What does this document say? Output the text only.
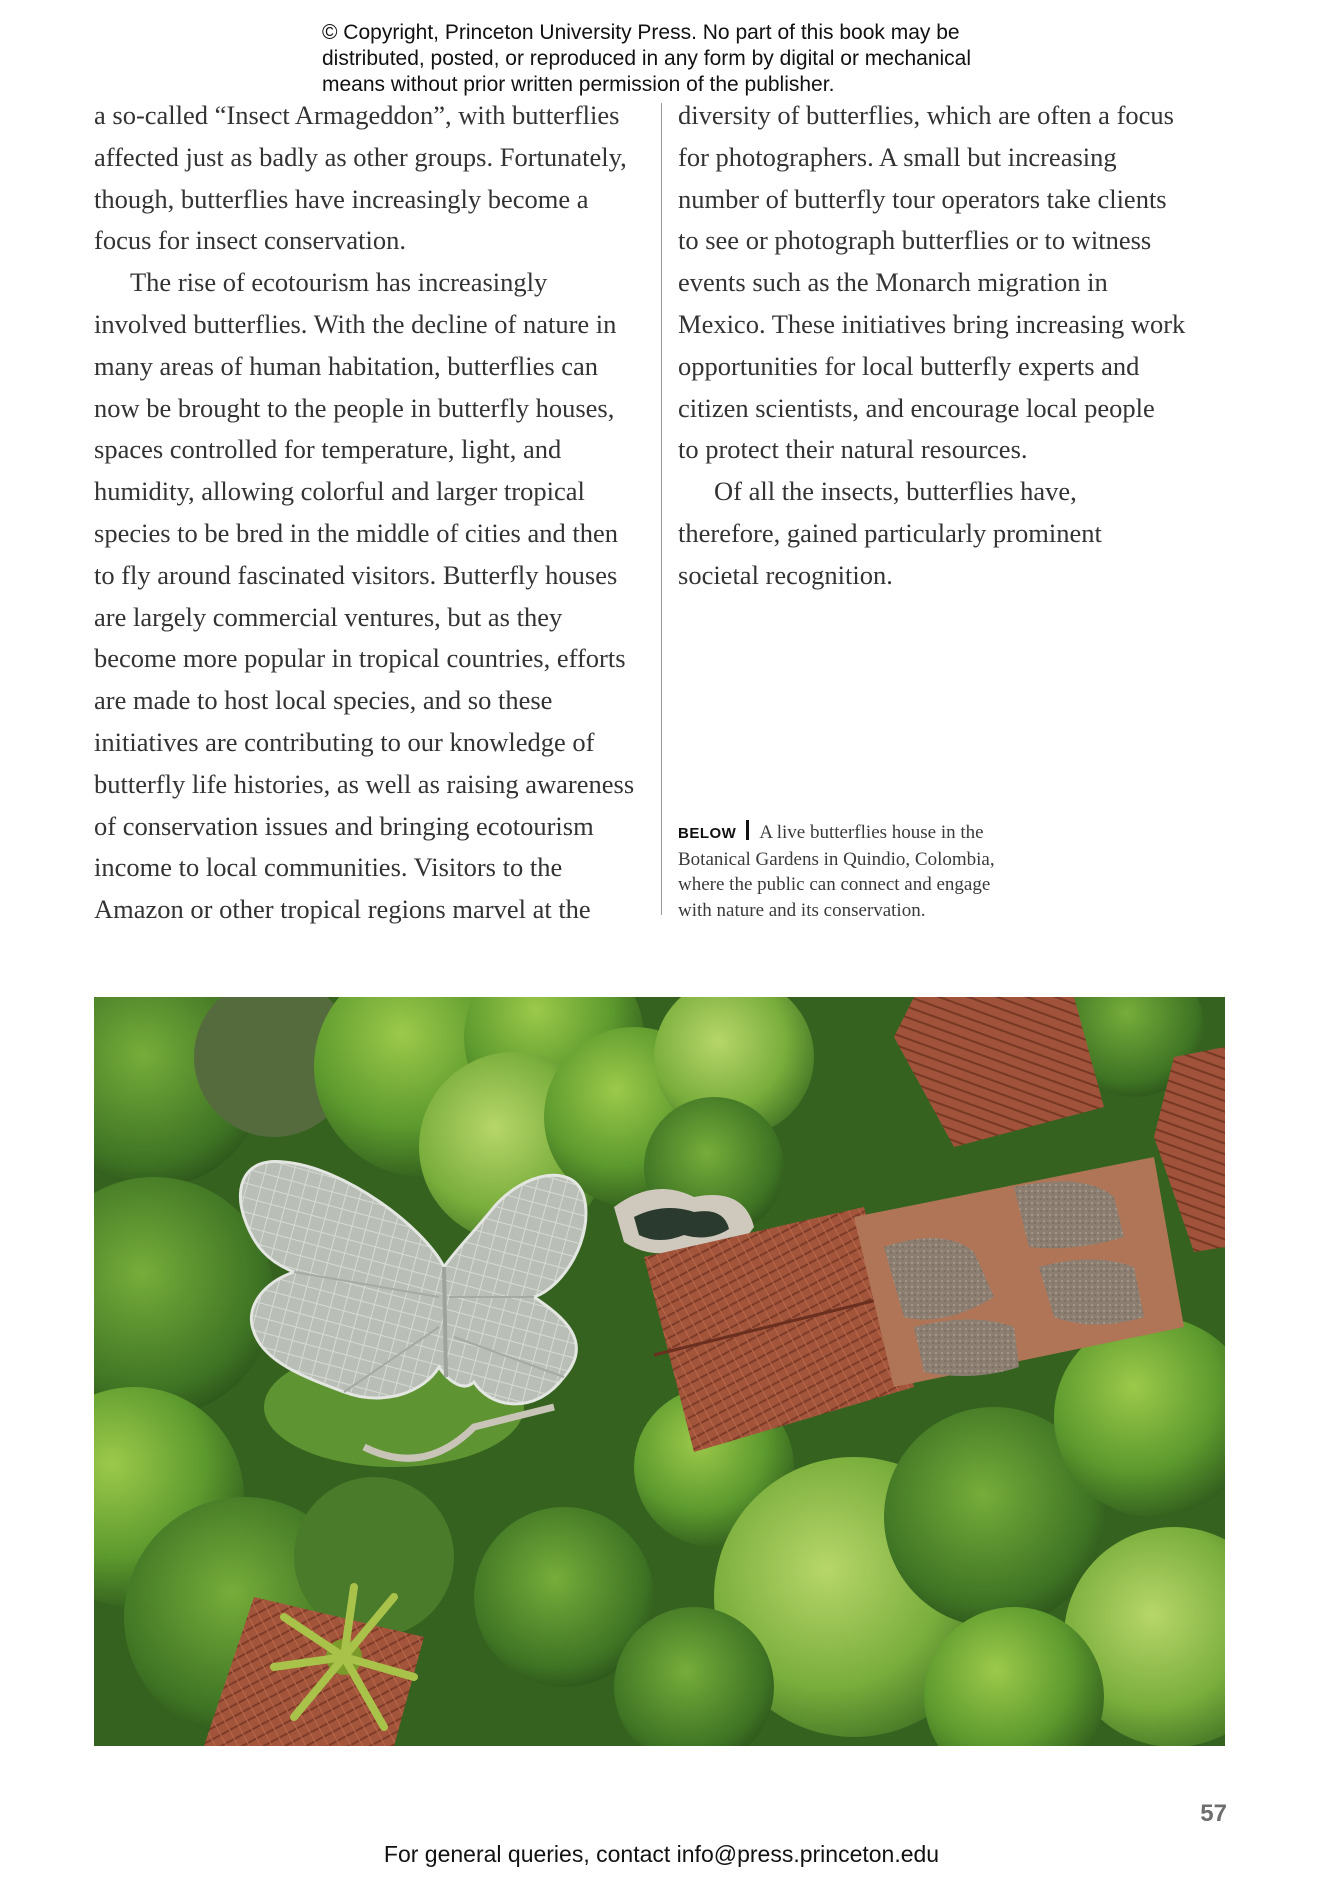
© Copyright, Princeton University Press. No part of this book may be
distributed, posted, or reproduced in any form by digital or mechanical
means without prior written permission of the publisher.

a so-called “Insect Armageddon”, with butterflies
affected just as badly as other groups. Fortunately,
though, butterflies have increasingly become a
focus for insect conservation.

The rise of ecotourism has increasingly
involved butterflies. With the decline of nature in
many areas of human habitation, butterflies can
now be brought to the people in butterfly houses,
spaces controlled for temperature, light, and
humidity, allowing colorful and larger tropical
species to be bred in the middle of cities and then
to fly around fascinated visitors. Butterfly houses
are largely commercial ventures, but as they
become more popular in tropical countries, efforts
are made to host local species, and so these
initiatives are contributing to our knowledge of
butterfly life histories, as well as raising awareness
of conservation issues and bringing ecotourism
income to local communities. Visitors to the
Amazon or other tropical regions marvel at the

diversity of butterflies, which are often a focus
for photographers. A small but increasing
number of butterfly tour operators take clients
to see or photograph butterflies or to witness
events such as the Monarch migration in
Mexico. These initiatives bring increasing work
opportunities for local butterfly experts and
citizen scientists, and encourage local people
to protect their natural resources.

Of all the insects, butterflies have,
therefore, gained particularly prominent
societal recognition.

BELOW A live butterflies house in the
Botanical Gardens in Quindio, Colombia,
where the public can connect and engage
with nature and its conservation.
57
For general queries, contact info@press.princeton.edu
